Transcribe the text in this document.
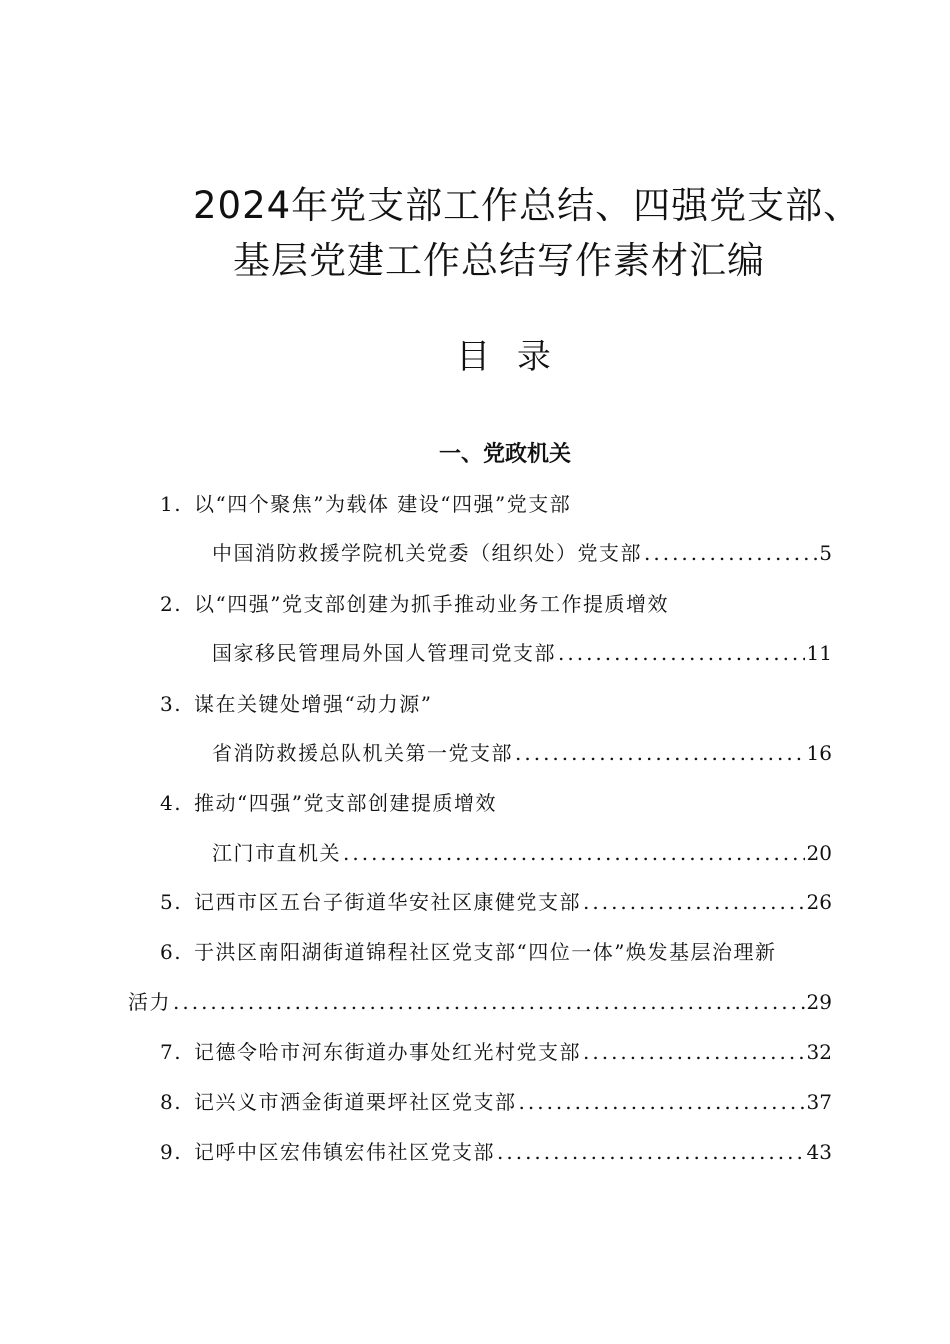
2024年党支部工作总结、四强党支部、
基层党建工作总结写作素材汇编
目 录
一、党政机关
1. 以“四个聚焦”为载体 建设“四强”党支部
中国消防救援学院机关党委（组织处）党支部 .....	5
2. 以“四强”党支部创建为抓手推动业务工作提质增效
国家移民管理局外国人管理司党支部 .....	11
3. 谋在关键处增强“动力源”
省消防救援总队机关第一党支部 .....	16
4. 推动“四强”党支部创建提质增效
江门市直机关 .....	20
5. 记西市区五台子街道华安社区康健党支部 .....	26
6. 于洪区南阳湖街道锦程社区党支部“四位一体”焕发基层治理新
活力 .....	29
7. 记德令哈市河东街道办事处红光村党支部 .....	32
8. 记兴义市洒金街道栗坪社区党支部 .....	37
9. 记呼中区宏伟镇宏伟社区党支部 .....	43
